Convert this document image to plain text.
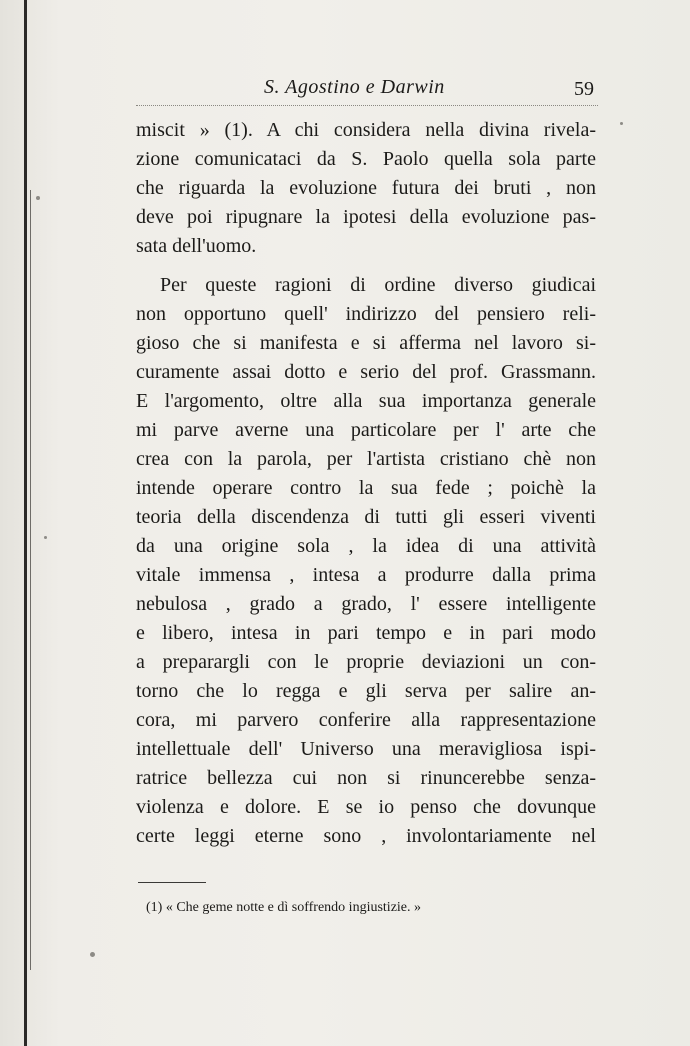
S. Agostino e Darwin	59
miscit » (1). A chi considera nella divina rivela-
zione comunicataci da S. Paolo quella sola parte
che riguarda la evoluzione futura dei bruti , non
deve poi ripugnare la ipotesi della evoluzione pas-
sata dell'uomo.
Per queste ragioni di ordine diverso giudicai
non opportuno quell' indirizzo del pensiero reli-
gioso che si manifesta e si afferma nel lavoro si-
curamente assai dotto e serio del prof. Grassmann.
E l'argomento, oltre alla sua importanza generale
mi parve averne una particolare per l' arte che
crea con la parola, per l'artista cristiano chè non
intende operare contro la sua fede ; poichè la
teoria della discendenza di tutti gli esseri viventi
da una origine sola , la idea di una attività
vitale immensa , intesa a produrre dalla prima
nebulosa , grado a grado, l' essere intelligente
e libero, intesa in pari tempo e in pari modo
a preparargli con le proprie deviazioni un con-
torno che lo regga e gli serva per salire an-
cora, mi parvero conferire alla rappresentazione
intellettuale dell' Universo una meravigliosa ispi-
ratrice bellezza cui non si rinuncerebbe senza-
violenza e dolore. E se io penso che dovunque
certe leggi eterne sono , involontariamente nel
(1) « Che geme notte e dì soffrendo ingiustizie. »
